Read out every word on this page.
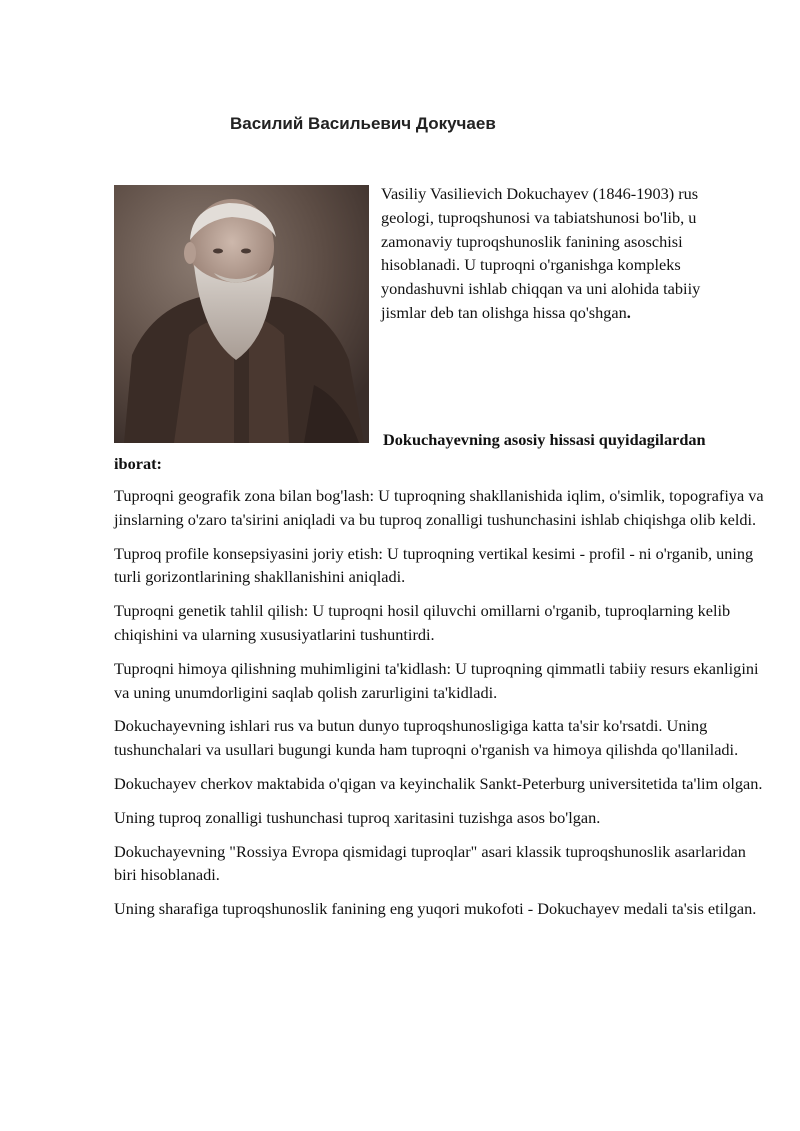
Василий Васильевич Докучаев

Vasiliy Vasilievich Dokuchayev (1846-1903) rus geologi, tuproqshunosi va tabiatshunosi bo'lib, u zamonaviy tuproqshunoslik fanining asoschisi hisoblanadi. U tuproqni o'rganishga kompleks yondashuvni ishlab chiqqan va uni alohida tabiiy jismlar deb tan olishga hissa qo'shgan.

Dokuchayevning asosiy hissasi quyidagilardan iborat:

Tuproqni geografik zona bilan bog'lash: U tuproqning shakllanishida iqlim, o'simlik, topografiya va jinslarning o'zaro ta'sirini aniqladi va bu tuproq zonalligi tushunchasini ishlab chiqishga olib keldi.

Tuproq profile konsepsiyasini joriy etish: U tuproqning vertikal kesimi - profil - ni o'rganib, uning turli gorizontlarining shakllanishini aniqladi.

Tuproqni genetik tahlil qilish: U tuproqni hosil qiluvchi omillarni o'rganib, tuproqlarning kelib chiqishini va ularning xususiyatlarini tushuntirdi.

Tuproqni himoya qilishning muhimligini ta'kidlash: U tuproqning qimmatli tabiiy resurs ekanligini va uning unumdorligini saqlab qolish zarurligini ta'kidladi.

Dokuchayevning ishlari rus va butun dunyo tuproqshunosligiga katta ta'sir ko'rsatdi. Uning tushunchalari va usullari bugungi kunda ham tuproqni o'rganish va himoya qilishda qo'llaniladi.

Dokuchayev cherkov maktabida o'qigan va keyinchalik Sankt-Peterburg universitetida ta'lim olgan.

Uning tuproq zonalligi tushunchasi tuproq xaritasini tuzishga asos bo'lgan.

Dokuchayevning "Rossiya Evropa qismidagi tuproqlar" asari klassik tuproqshunoslik asarlaridan biri hisoblanadi.

Uning sharafiga tuproqshunoslik fanining eng yuqori mukofoti - Dokuchayev medali ta'sis etilgan.
